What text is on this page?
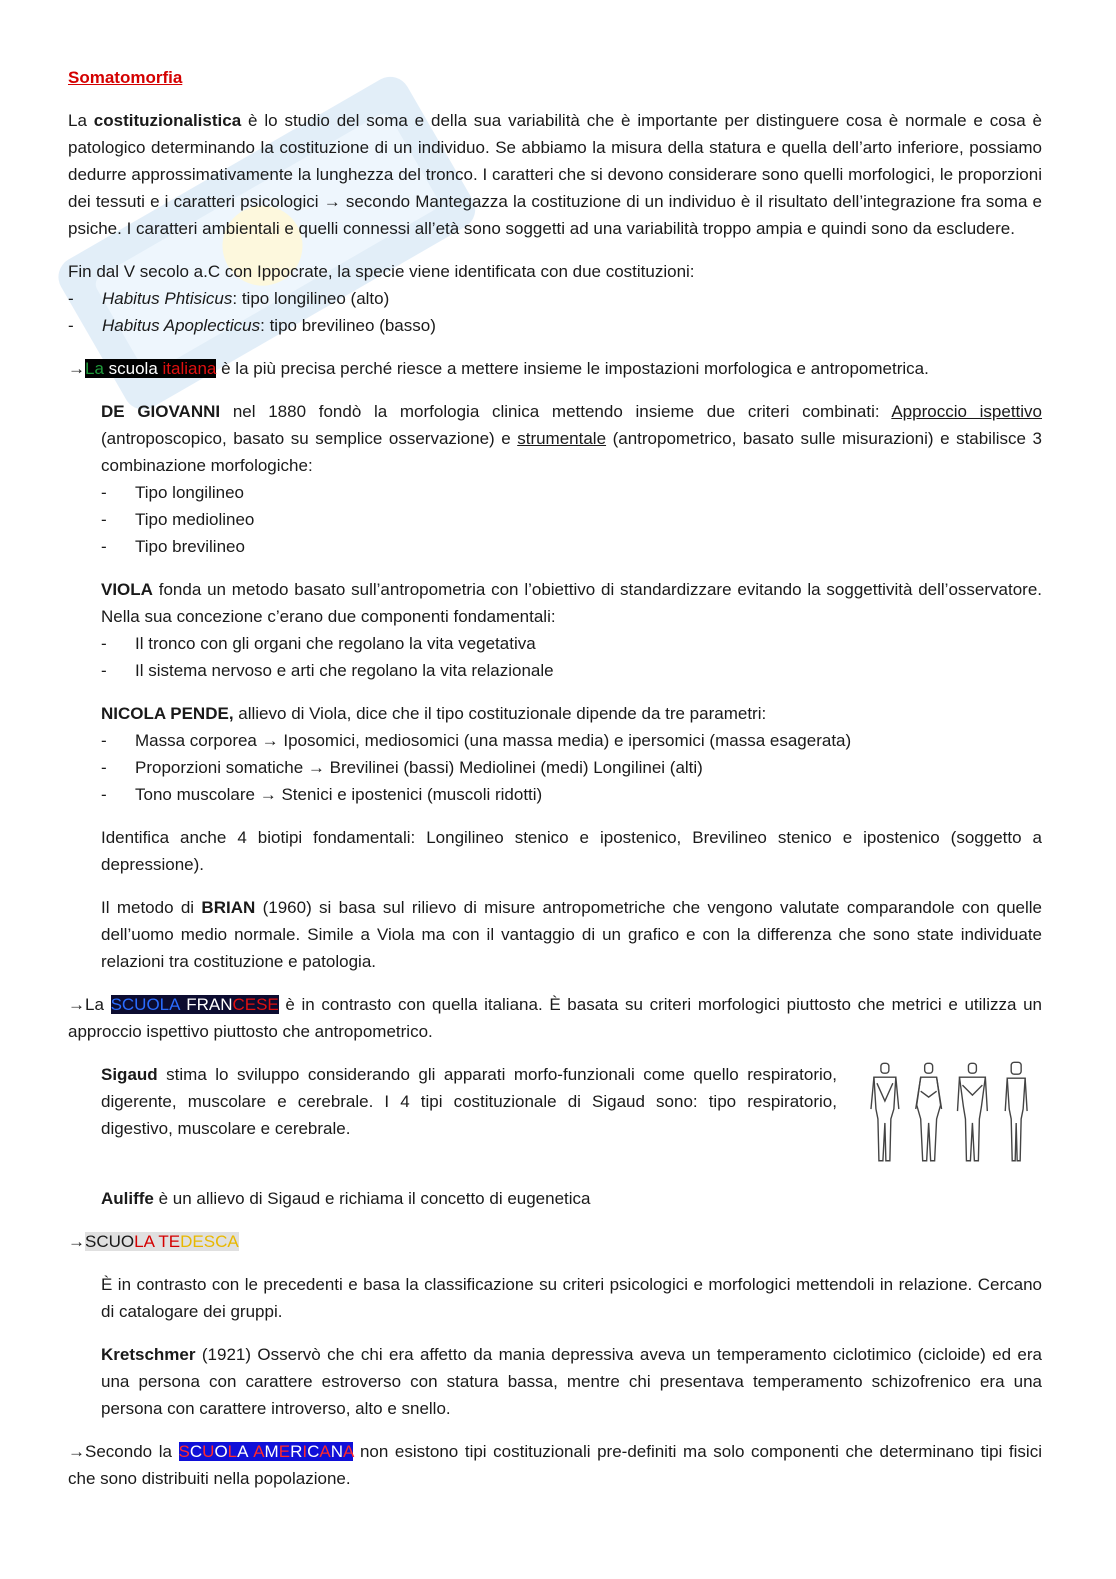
Somatomorfia

La costituzionalistica è lo studio del soma e della sua variabilità che è importante per distinguere cosa è normale e cosa è patologico determinando la costituzione di un individuo. Se abbiamo la misura della statura e quella dell’arto inferiore, possiamo dedurre approssimativamente la lunghezza del tronco. I caratteri che si devono considerare sono quelli morfologici, le proporzioni dei tessuti e i caratteri psicologici → secondo Mantegazza la costituzione di un individuo è il risultato dell’integrazione fra soma e psiche. I caratteri ambientali e quelli connessi all’età sono soggetti ad una variabilità troppo ampia e quindi sono da escludere.

Fin dal V secolo a.C con Ippocrate, la specie viene identificata con due costituzioni:

- Habitus Phtisicus: tipo longilineo (alto)
- Habitus Apoplecticus: tipo brevilineo (basso)

→La scuola italiana è la più precisa perché riesce a mettere insieme le impostazioni morfologica e antropometrica.

DE GIOVANNI nel 1880 fondò la morfologia clinica mettendo insieme due criteri combinati: Approccio ispettivo (antroposcopico, basato su semplice osservazione) e strumentale (antropometrico, basato sulle misurazioni) e stabilisce 3 combinazione morfologiche:

- Tipo longilineo
- Tipo mediolineo
- Tipo brevilineo

VIOLA fonda un metodo basato sull’antropometria con l’obiettivo di standardizzare evitando la soggettività dell’osservatore. Nella sua concezione c’erano due componenti fondamentali:

- Il tronco con gli organi che regolano la vita vegetativa
- Il sistema nervoso e arti che regolano la vita relazionale

NICOLA PENDE, allievo di Viola, dice che il tipo costituzionale dipende da tre parametri:

- Massa corporea → Iposomici, mediosomici (una massa media) e ipersomici (massa esagerata)
- Proporzioni somatiche → Brevilinei (bassi) Mediolinei (medi) Longilinei (alti)
- Tono muscolare → Stenici e ipostenici (muscoli ridotti)

Identifica anche 4 biotipi fondamentali: Longilineo stenico e ipostenico, Brevilineo stenico e ipostenico (soggetto a depressione).

Il metodo di BRIAN (1960) si basa sul rilievo di misure antropometriche che vengono valutate comparandole con quelle dell’uomo medio normale. Simile a Viola ma con il vantaggio di un grafico e con la differenza che sono state individuate relazioni tra costituzione e patologia.

→La SCUOLA FRANCESE è in contrasto con quella italiana. È basata su criteri morfologici piuttosto che metrici e utilizza un approccio ispettivo piuttosto che antropometrico.

Sigaud stima lo sviluppo considerando gli apparati morfo-funzionali come quello respiratorio, digerente, muscolare e cerebrale. I 4 tipi costituzionale di Sigaud sono: tipo respiratorio, digestivo, muscolare e cerebrale.

Auliffe è un allievo di Sigaud e richiama il concetto di eugenetica

→SCUOLA TEDESCA

È in contrasto con le precedenti e basa la classificazione su criteri psicologici e morfologici mettendoli in relazione. Cercano di catalogare dei gruppi.

Kretschmer (1921) Osservò che chi era affetto da mania depressiva aveva un temperamento ciclotimico (cicloide) ed era una persona con carattere estroverso con statura bassa, mentre chi presentava temperamento schizofrenico era una persona con carattere introverso, alto e snello.

→Secondo la SCUOLA AMERICANA non esistono tipi costituzionali pre-definiti ma solo componenti che determinano tipi fisici che sono distribuiti nella popolazione.
